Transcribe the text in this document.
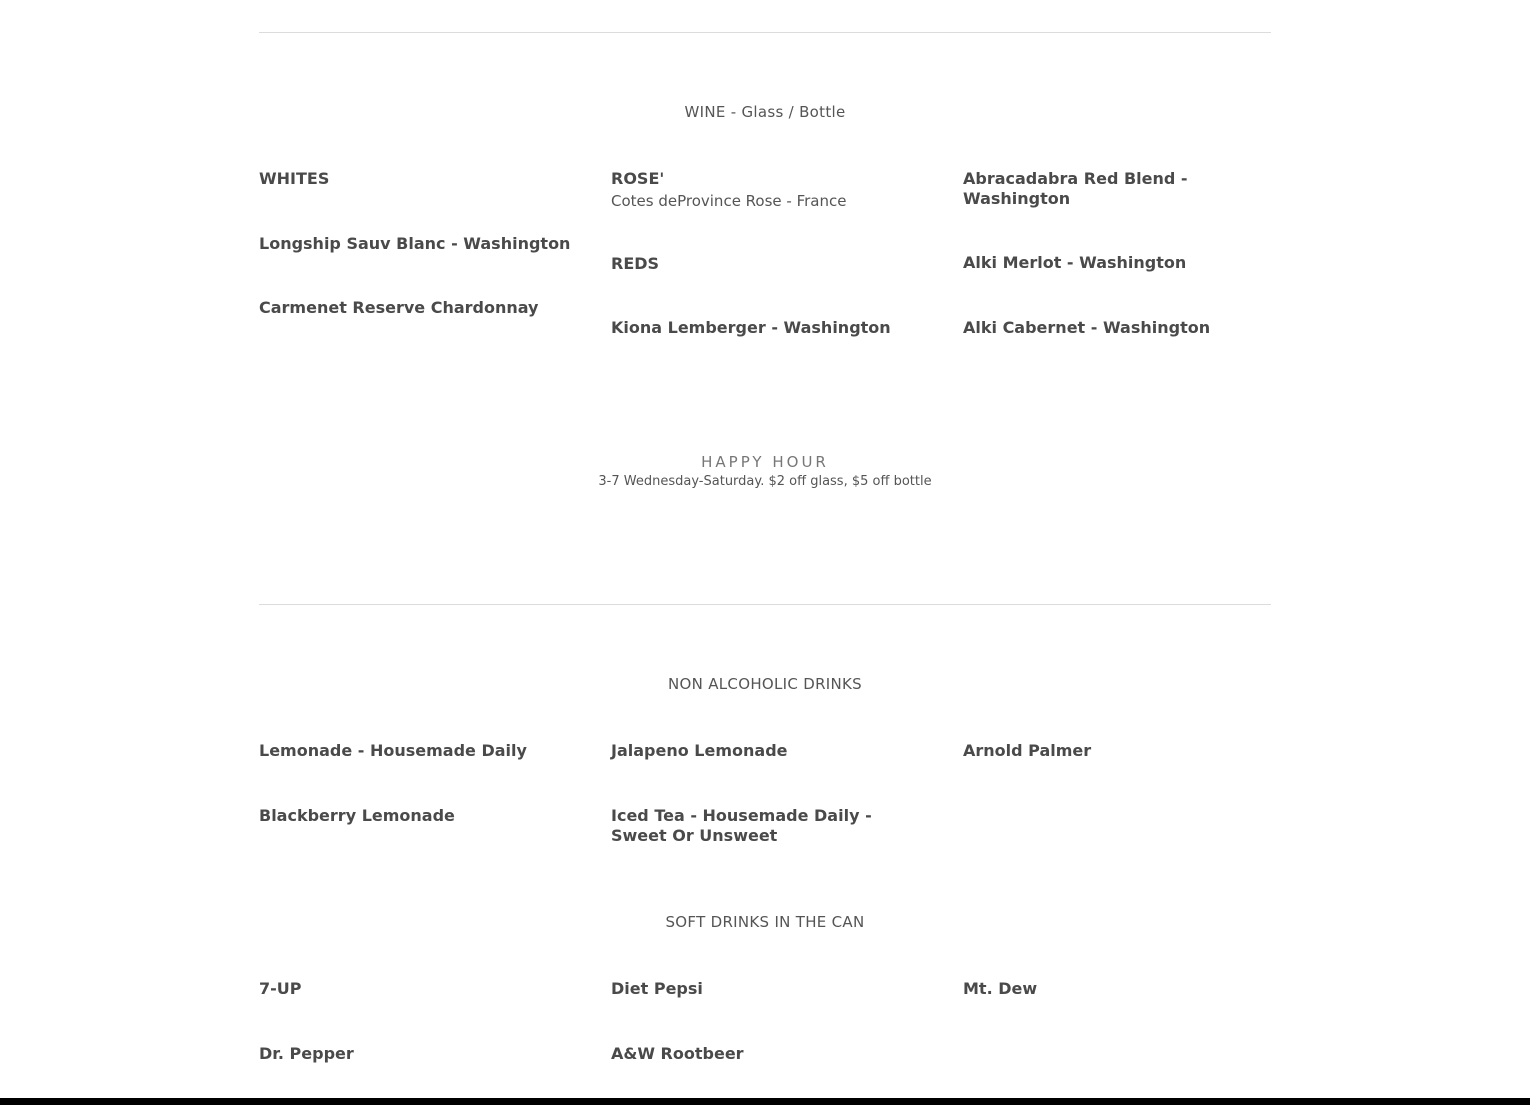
WINE - Glass / Bottle
WHITES
Longship Sauv Blanc - Washington
Carmenet Reserve Chardonnay
ROSE'
Cotes deProvince Rose - France
REDS
Kiona Lemberger - Washington
Abracadabra Red Blend - Washington
Alki Merlot - Washington
Alki Cabernet - Washington
HAPPY HOUR
3-7 Wednesday-Saturday. $2 off glass, $5 off bottle
NON ALCOHOLIC DRINKS
Lemonade - Housemade Daily	Jalapeno Lemonade	Arnold Palmer
Blackberry Lemonade	Iced Tea - Housemade Daily - Sweet Or Unsweet
SOFT DRINKS IN THE CAN
7-UP	Diet Pepsi	Mt. Dew
Dr. Pepper	A&W Rootbeer
